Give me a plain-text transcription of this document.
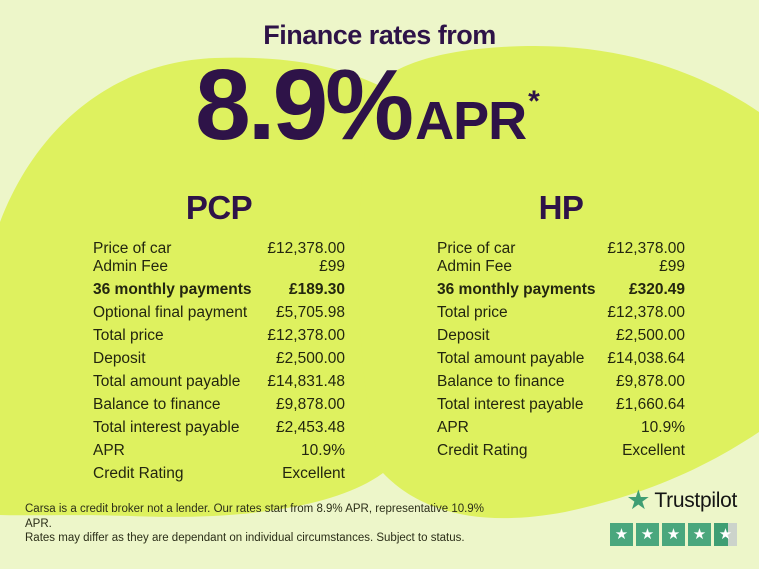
Finance rates from
8.9% APR *
PCP	HP
Price of car	£12,378.00
Admin Fee	£99
36 monthly payments £189.30
Optional final payment £5,705.98
Total price	£12,378.00
Deposit	£2,500.00
Total amount payable £14,831.48
Balance to finance	£9,878.00
Total interest payable £2,453.48
APR	10.9%
Credit Rating	Excellent
Price of car	£12,378.00
Admin Fee	£99
36 monthly payments £320.49
Total price	£12,378.00
Deposit	£2,500.00
Total amount payable £14,038.64
Balance to finance	£9,878.00
Total interest payable £1,660.64
APR	10.9%
Credit Rating	Excellent
Carsa is a credit broker not a lender. Our rates start from 8.9% APR, representative 10.9% APR.
Rates may differ as they are dependant on individual circumstances. Subject to status.
★ Trustpilot
★ ★ ★ ★ ★
